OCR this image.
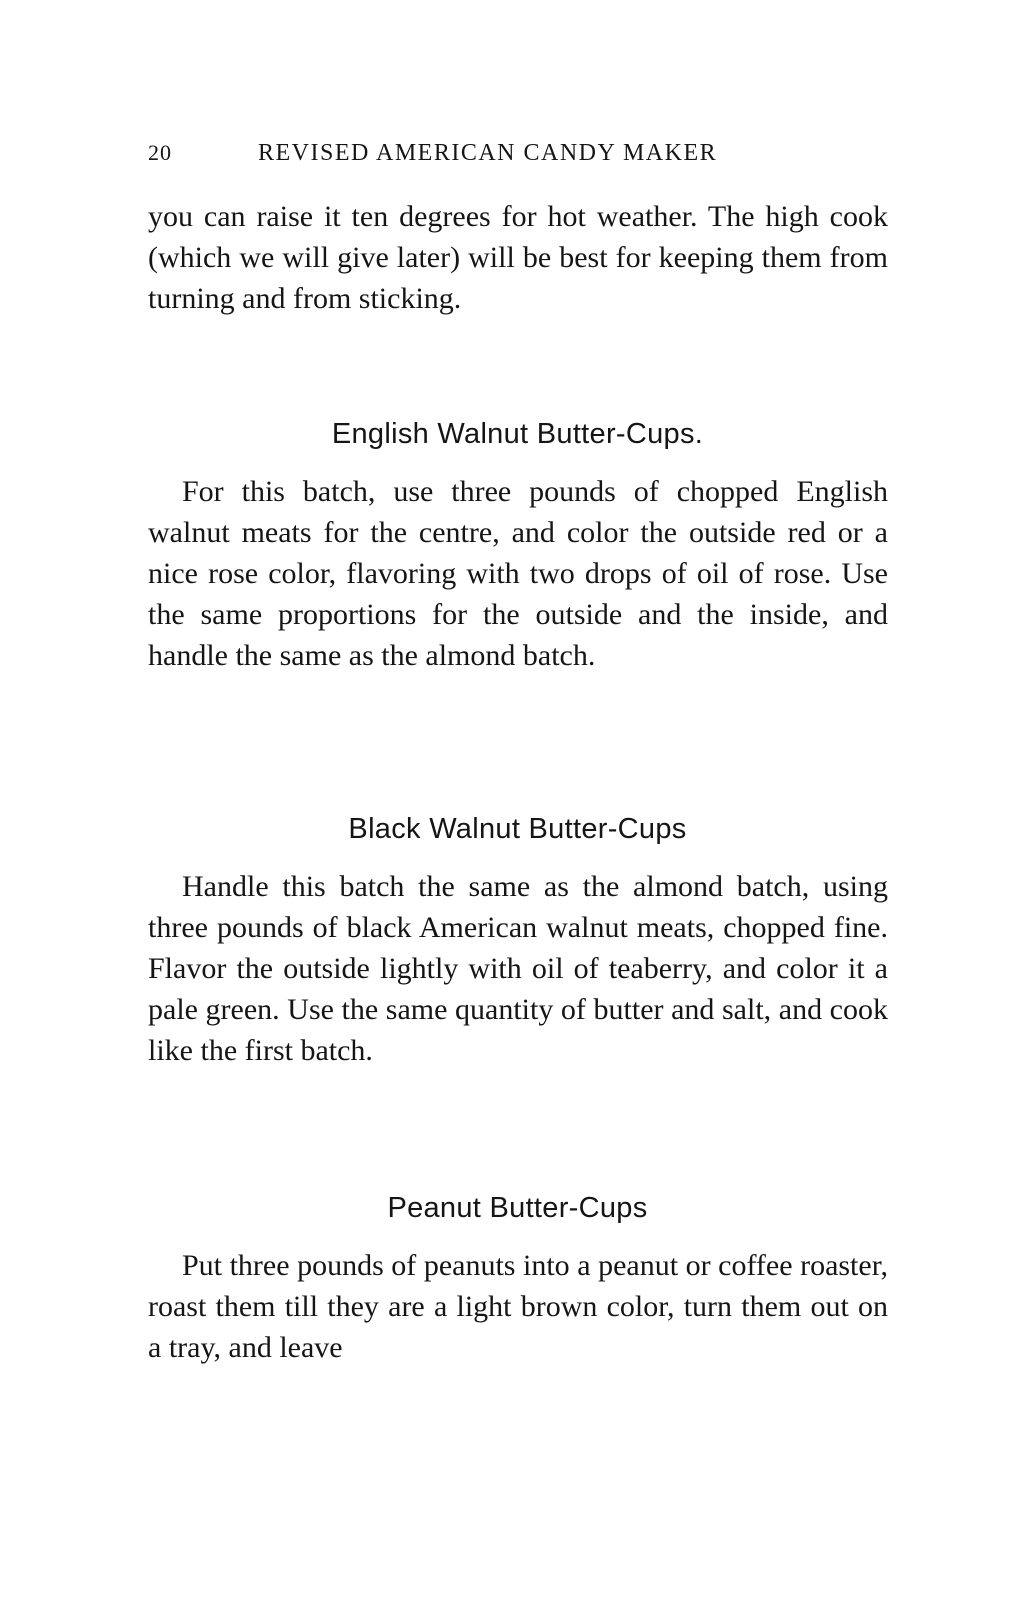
20	REVISED AMERICAN CANDY MAKER

you can raise it ten degrees for hot weather. The high cook (which we will give later) will be best for keeping them from turning and from sticking.

English Walnut Butter-Cups.

For this batch, use three pounds of chopped English walnut meats for the centre, and color the outside red or a nice rose color, flavoring with two drops of oil of rose. Use the same proportions for the outside and the inside, and handle the same as the almond batch.

Black Walnut Butter-Cups

Handle this batch the same as the almond batch, using three pounds of black American walnut meats, chopped fine. Flavor the outside lightly with oil of teaberry, and color it a pale green. Use the same quantity of butter and salt, and cook like the first batch.

Peanut Butter-Cups

Put three pounds of peanuts into a peanut or coffee roaster, roast them till they are a light brown color, turn them out on a tray, and leave
